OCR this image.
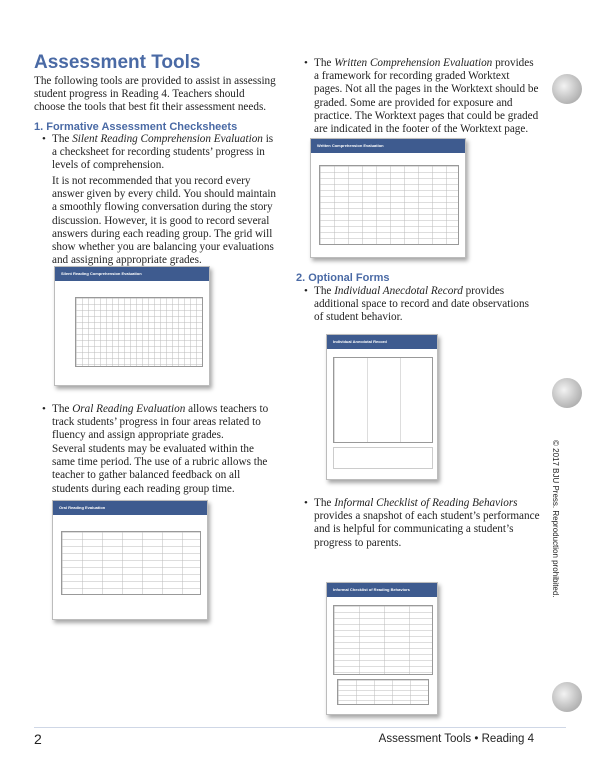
Assessment Tools

The following tools are provided to assist in assessing student progress in Reading 4. Teachers should choose the tools that best fit their assessment needs.

1. Formative Assessment Checksheets

• The Silent Reading Comprehension Evaluation is a checksheet for recording students’ progress in levels of comprehension.

It is not recommended that you record every answer given by every child. You should maintain a smoothly flowing conversation during the story discussion. However, it is good to record several answers during each reading group. The grid will show whether you are balancing your evaluations and assigning appropriate grades.

Silent Reading Comprehension Evaluation

• The Oral Reading Evaluation allows teachers to track students’ progress in four areas related to fluency and assign appropriate grades.

Several students may be evaluated within the same time period. The use of a rubric allows the teacher to gather balanced feedback on all students during each reading group time.

Oral Reading Evaluation

• The Written Comprehension Evaluation provides a framework for recording graded Worktext pages. Not all the pages in the Worktext should be graded. Some are provided for exposure and practice. The Worktext pages that could be graded are indicated in the footer of the Worktext page.

Written Comprehension Evaluation
2. Optional Forms

• The Individual Anecdotal Record provides additional space to record and date observations of student behavior.

Individual Anecdotal Record

• The Informal Checklist of Reading Behaviors provides a snapshot of each student’s performance and is helpful for communicating a student’s progress to parents.

Informal Checklist of Reading Behaviors
2	Assessment Tools • Reading 4
© 2017 BJU Press. Reproduction prohibited.
